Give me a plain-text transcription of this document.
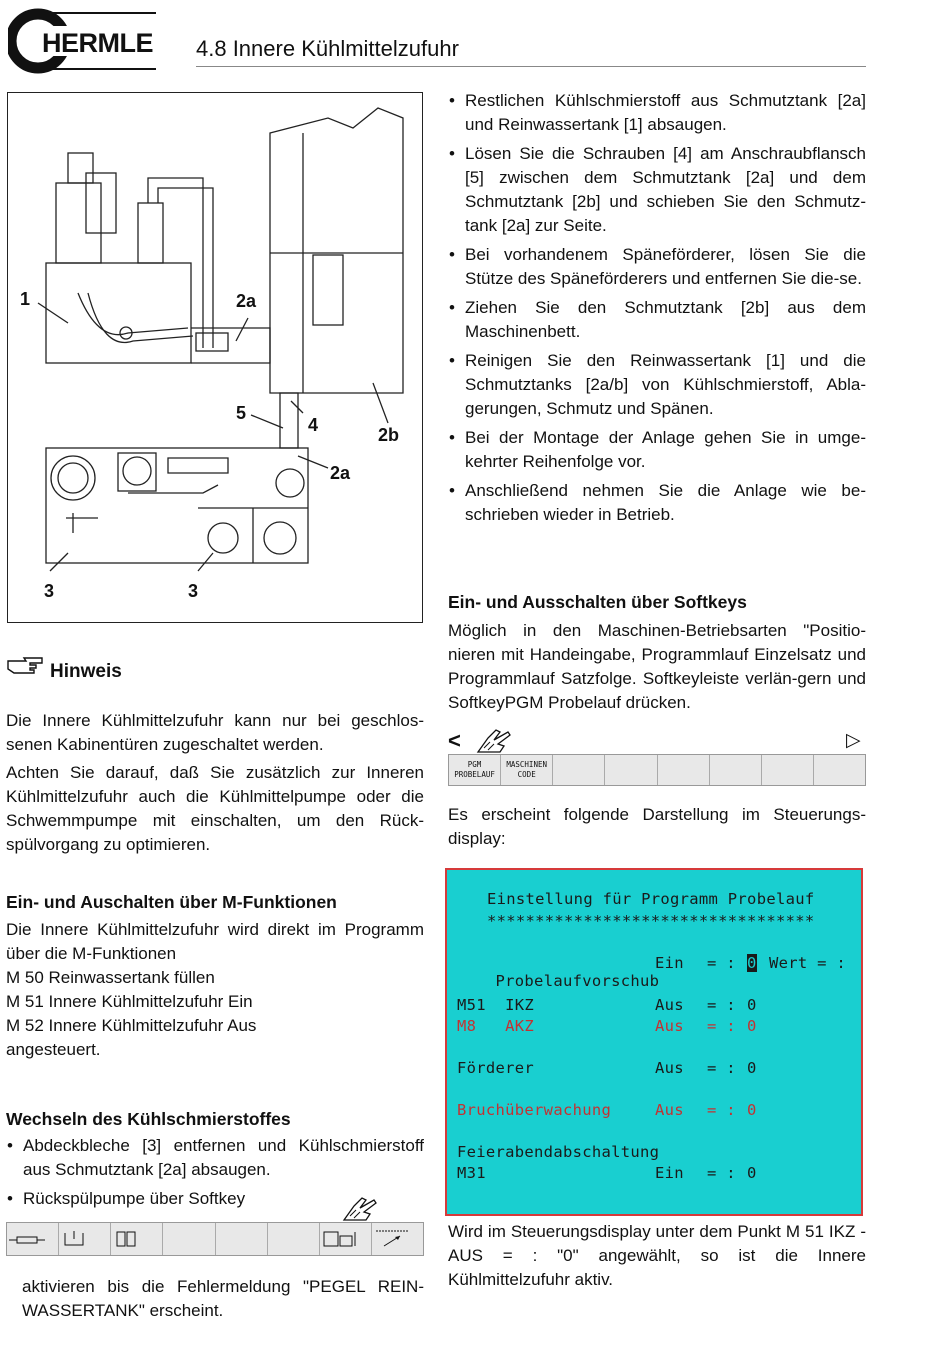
HERMLE 4.8 Innere Kühlmittelzufuhr
1	2a
5
4	2b
2a
3	3
• Restlichen Kühlschmierstoff aus Schmutztank [2a] und Reinwassertank [1] absaugen.
• Lösen Sie die Schrauben [4] am Anschraubflansch [5] zwischen dem Schmutztank [2a] und dem Schmutztank [2b] und schieben Sie den Schmutz-tank [2a] zur Seite.
• Bei vorhandenem Späneförderer, lösen Sie die Stütze des Späneförderers und entfernen Sie die-se.
• Ziehen Sie den Schmutztank [2b] aus dem Maschinenbett.
• Reinigen Sie den Reinwassertank [1] und die Schmutztanks [2a/b] von Kühlschmierstoff, Abla-gerungen, Schmutz und Spänen.
• Bei der Montage der Anlage gehen Sie in umge-kehrter Reihenfolge vor.
• Anschließend nehmen Sie die Anlage wie be-schrieben wieder in Betrieb.
Ein- und Ausschalten über Softkeys

Möglich in den Maschinen-Betriebsarten "Positio-nieren mit Handeingabe, Programmlauf Einzelsatz und Programmlauf Satzfolge. Softkeyleiste verlän-gern und SoftkeyPGM Probelauf drücken.

<	▷
PGM
PROBELAUF
MASCHINEN
CODE

Es erscheint folgende Darstellung im Steuerungs-display:

Einstellung für Programm Probelauf
**********************************

Probelaufvorschub

Ein = : 0 Wert = :
M51  IKZ	Aus = : 0
M8   AKZ	Aus = : 0
Förderer	Aus = : 0
Bruchüberwachung	Aus = : 0
Feierabendabschaltung
M31	Ein = : 0

Wird im Steuerungsdisplay unter dem Punkt M 51 IKZ - AUS = : "0" angewählt, so ist die Innere Kühlmittelzufuhr aktiv.

Hinweis

Die Innere Kühlmittelzufuhr kann nur bei geschlos-senen Kabinentüren zugeschaltet werden.

Achten Sie darauf, daß Sie zusätzlich zur Inneren Kühlmittelzufuhr auch die Kühlmittelpumpe oder die Schwemmpumpe mit einschalten, um den Rück-spülvorgang zu optimieren.

Ein- und Auschalten über M-Funktionen

Die Innere Kühlmittelzufuhr wird direkt im Programm über die M-Funktionen

M 50 Reinwassertank füllen

M 51 Innere Kühlmittelzufuhr Ein

M 52 Innere Kühlmittelzufuhr Aus

angesteuert.

Wechseln des Kühlschmierstoffes
• Abdeckbleche [3] entfernen und Kühlschmierstoff aus Schmutztank [2a] absaugen.
• Rückspülpumpe über Softkey

aktivieren bis die Fehlermeldung "PEGEL REIN-WASSERTANK" erscheint.
